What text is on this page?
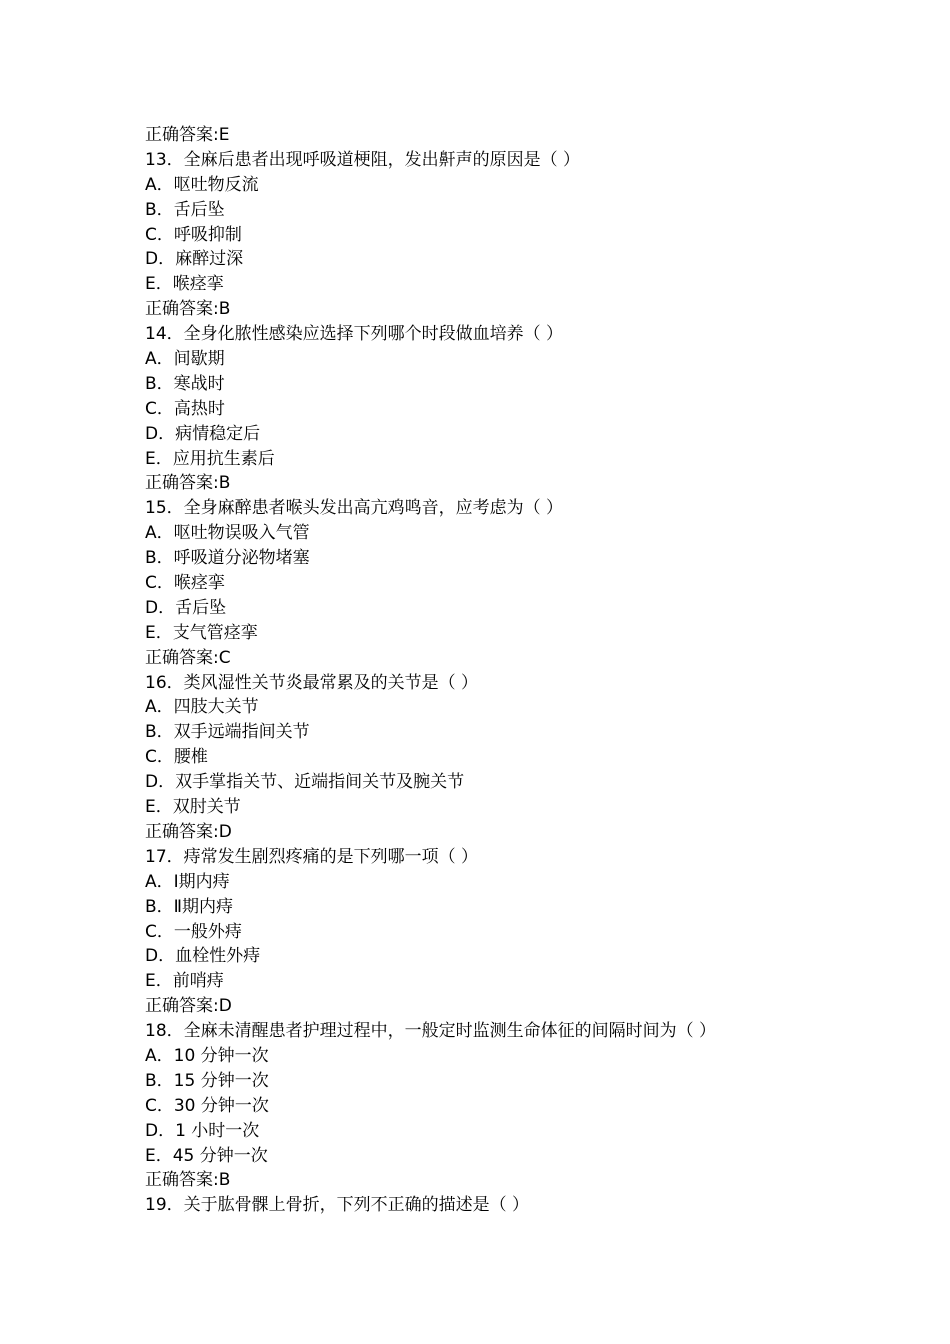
正确答案:E
13．全麻后患者出现呼吸道梗阻，发出鼾声的原因是（ ）
A．呕吐物反流
B．舌后坠
C．呼吸抑制
D．麻醉过深
E．喉痉挛
正确答案:B
14．全身化脓性感染应选择下列哪个时段做血培养（ ）
A．间歇期
B．寒战时
C．高热时
D．病情稳定后
E．应用抗生素后
正确答案:B
15．全身麻醉患者喉头发出高亢鸡鸣音，应考虑为（ ）
A．呕吐物误吸入气管
B．呼吸道分泌物堵塞
C．喉痉挛
D．舌后坠
E．支气管痉挛
正确答案:C
16．类风湿性关节炎最常累及的关节是（ ）
A．四肢大关节
B．双手远端指间关节
C．腰椎
D．双手掌指关节、近端指间关节及腕关节
E．双肘关节
正确答案:D
17．痔常发生剧烈疼痛的是下列哪一项（ ）
A．Ⅰ期内痔
B．Ⅱ期内痔
C．一般外痔
D．血栓性外痔
E．前哨痔
正确答案:D
18．全麻未清醒患者护理过程中，一般定时监测生命体征的间隔时间为（ ）
A．10 分钟一次
B．15 分钟一次
C．30 分钟一次
D．1 小时一次
E．45 分钟一次
正确答案:B
19．关于肱骨髁上骨折，下列不正确的描述是（ ）
